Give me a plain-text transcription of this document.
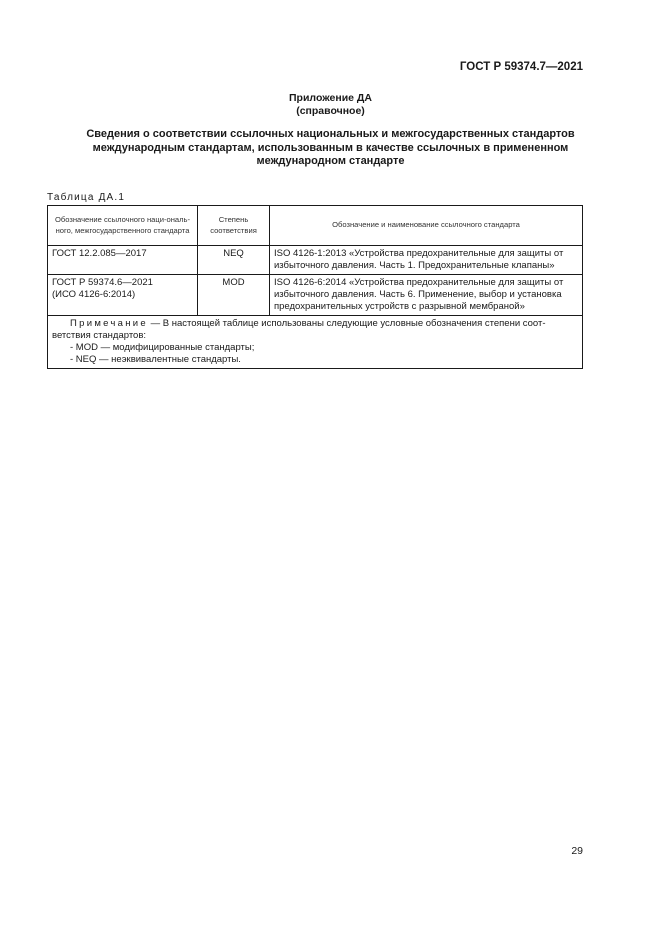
ГОСТ Р 59374.7—2021
Приложение ДА
(справочное)
Сведения о соответствии ссылочных национальных и межгосударственных стандартов
международным стандартам, использованным в качестве ссылочных в примененном
международном стандарте
Таблица ДА.1
Обозначение ссылочного наци-онального, межгосударственного стандарта	Степень соответствия	Обозначение и наименование ссылочного стандарта

ГОСТ 12.2.085—2017	NEQ	ISO 4126-1:2013 «Устройства предохранительные для защиты от избыточного давления. Часть 1. Предохранительные клапаны»

ГОСТ Р 59374.6—2021
(ИСО 4126-6:2014)	MOD	ISO 4126-6:2014 «Устройства предохранительные для защиты от избыточного давления. Часть 6. Применение, выбор и установка предохранительных устройств с разрывной мембраной»
Примечание — В настоящей таблице использованы следующие условные обозначения степени соответствия стандартов:
- MOD — модифицированные стандарты;
- NEQ — неэквивалентные стандарты.		
29
